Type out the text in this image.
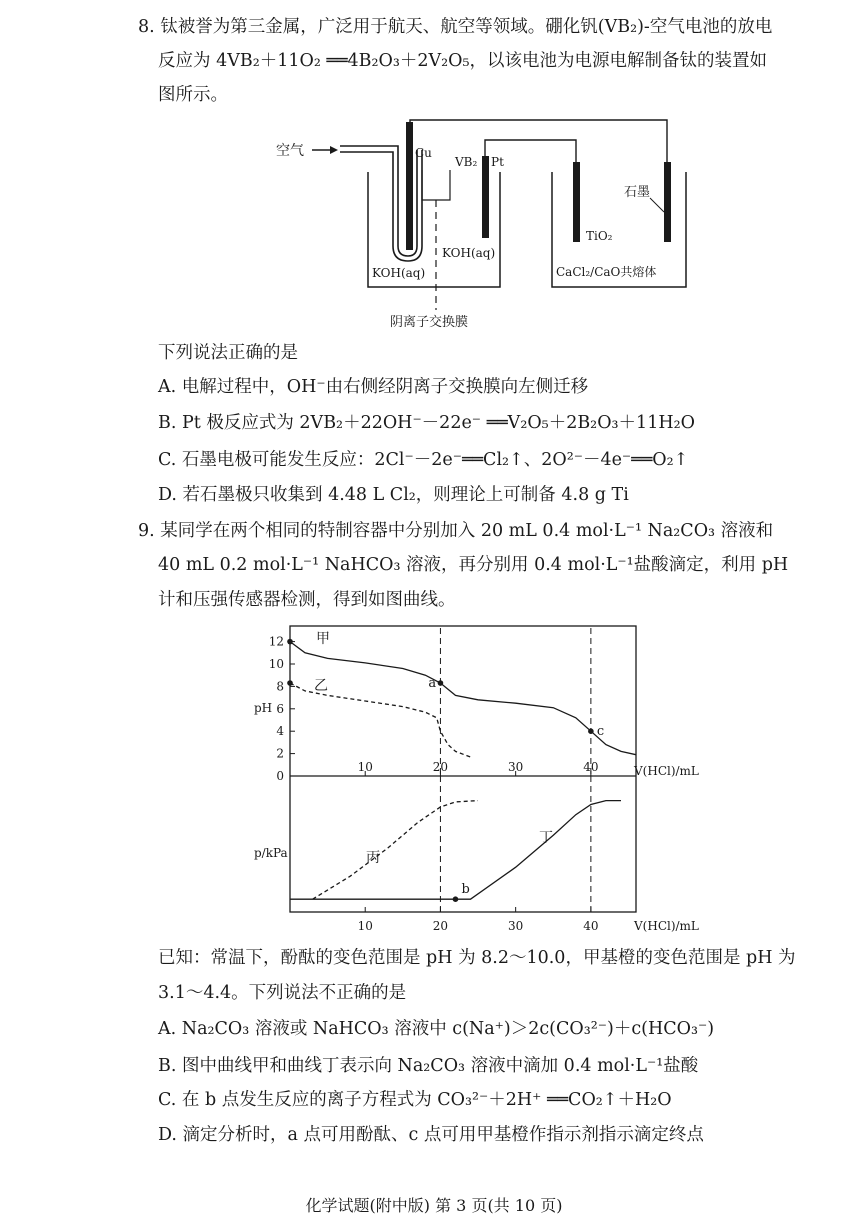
8. 钛被誉为第三金属，广泛用于航天、航空等领域。硼化钒(VB₂)-空气电池的放电
反应为 4VB₂＋11O₂ ══4B₂O₃＋2V₂O₅，以该电池为电源电解制备钛的装置如
图所示。
空气	Cu
VB₂ Pt
KOH(aq)
KOH(aq)
阴离子交换膜
石墨
TiO₂
CaCl₂/CaO共熔体
下列说法正确的是
A. 电解过程中，OH⁻由右侧经阴离子交换膜向左侧迁移
B. Pt 极反应式为 2VB₂＋22OH⁻－22e⁻ ══V₂O₅＋2B₂O₃＋11H₂O
C. 石墨电极可能发生反应：2Cl⁻－2e⁻══Cl₂↑、2O²⁻－4e⁻══O₂↑
D. 若石墨极只收集到 4.48 L Cl₂，则理论上可制备 4.8 g Ti
9. 某同学在两个相同的特制容器中分别加入 20 mL 0.4 mol·L⁻¹ Na₂CO₃ 溶液和
40 mL 0.2 mol·L⁻¹ NaHCO₃ 溶液，再分别用 0.4 mol·L⁻¹盐酸滴定，利用 pH
计和压强传感器检测，得到如图曲线。
10	20	30	40
0
2
4
6
8
10
12
V(HCl)/mL
pH
a
c
10	20	30	40	V(HCl)/mL
p/kPa
b
甲
乙
丙
丁
已知：常温下，酚酞的变色范围是 pH 为 8.2～10.0，甲基橙的变色范围是 pH 为
3.1～4.4。下列说法不正确的是
A. Na₂CO₃ 溶液或 NaHCO₃ 溶液中 c(Na⁺)＞2c(CO₃²⁻)＋c(HCO₃⁻)
B. 图中曲线甲和曲线丁表示向 Na₂CO₃ 溶液中滴加 0.4 mol·L⁻¹盐酸
C. 在 b 点发生反应的离子方程式为 CO₃²⁻＋2H⁺ ══CO₂↑＋H₂O
D. 滴定分析时，a 点可用酚酞、c 点可用甲基橙作指示剂指示滴定终点
化学试题(附中版) 第 3 页(共 10 页)
